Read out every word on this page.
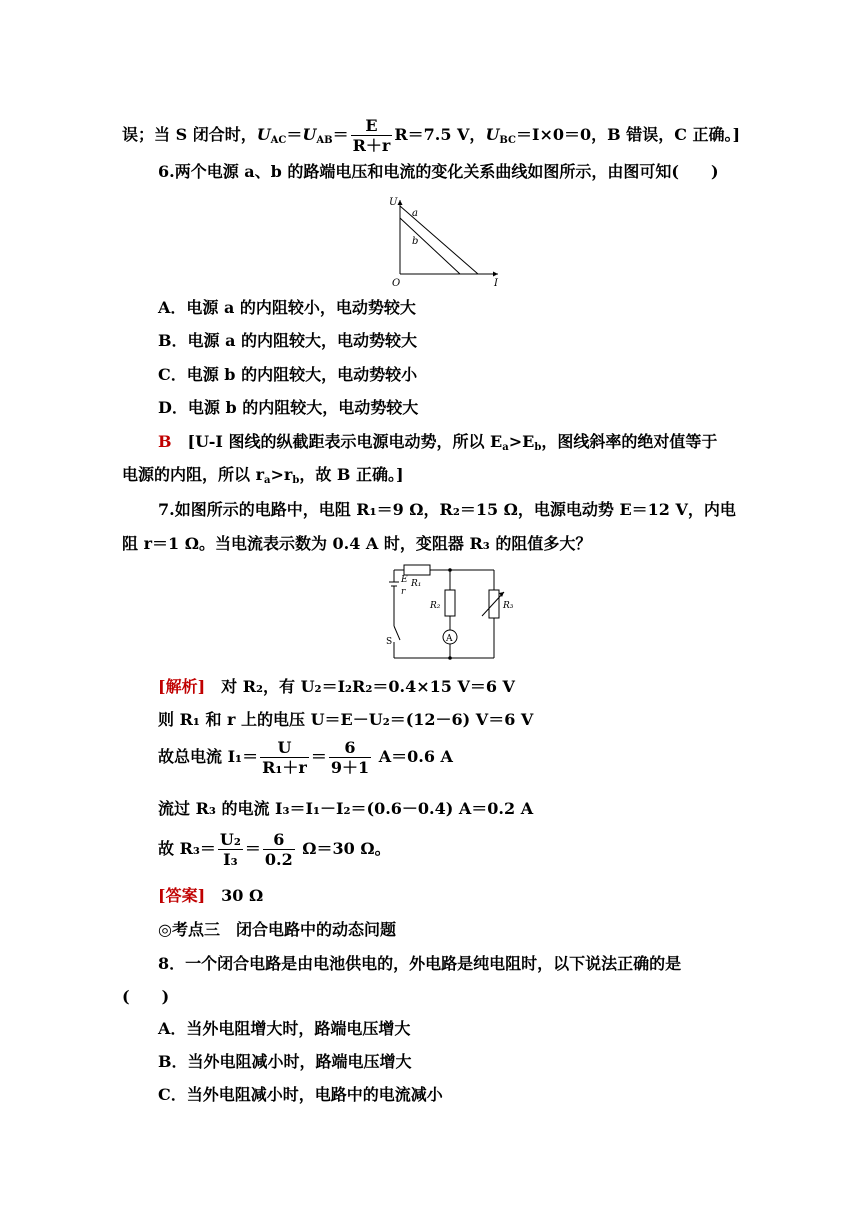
误；当 S 闭合时，$U_{AC}=U_{AB}= \frac{E}{R+r} R=7.5$ V，$U_{BC}=I\times 0=0$，B 错误，C 正确。]
6.两个电源 a、b 的路端电压和电流的变化关系曲线如图所示，由图可知(　　)
U
I
O
a
b
A．电源 a 的内阻较小，电动势较大
B．电源 a 的内阻较大，电动势较大
C．电源 b 的内阻较大，电动势较小
D．电源 b 的内阻较大，电动势较大
B　 [U-I 图线的纵截距表示电源电动势，所以 $E_a>E_b$，图线斜率的绝对值等于
电源的内阻，所以 $r_a>r_b$，故 B 正确。]
7.如图所示的电路中，电阻 R₁＝9 Ω，R₂＝15 Ω，电源电动势 E＝12 V，内电
阻 r＝1 Ω。当电流表示数为 0.4 A 时，变阻器 R₃ 的阻值多大？
R₁
E
r
R₂	R₃
S	A
[解析]　对 R₂，有 U₂＝I₂R₂＝0.4×15 V＝6 V
则 R₁ 和 r 上的电压 U＝E－U₂＝(12－6) V＝6 V
故总电流 $I_1= \frac{U}{\text{R₁＋r}} = \frac{6}{9+1} A=0.6$ A
流过 R₃ 的电流 I₃＝I₁－I₂＝(0.6－0.4) A＝0.2 A
故 $R_3= \frac{\text{U₂}}{\text{I₃}} = \frac{6}{0.2} \Omega=30$ Ω。
[答案]　30 Ω
◎考点三　闭合电路中的动态问题
8．一个闭合电路是由电池供电的，外电路是纯电阻时，以下说法正确的是
(　　)
A．当外电阻增大时，路端电压增大
B．当外电阻减小时，路端电压增大
C．当外电阻减小时，电路中的电流减小
